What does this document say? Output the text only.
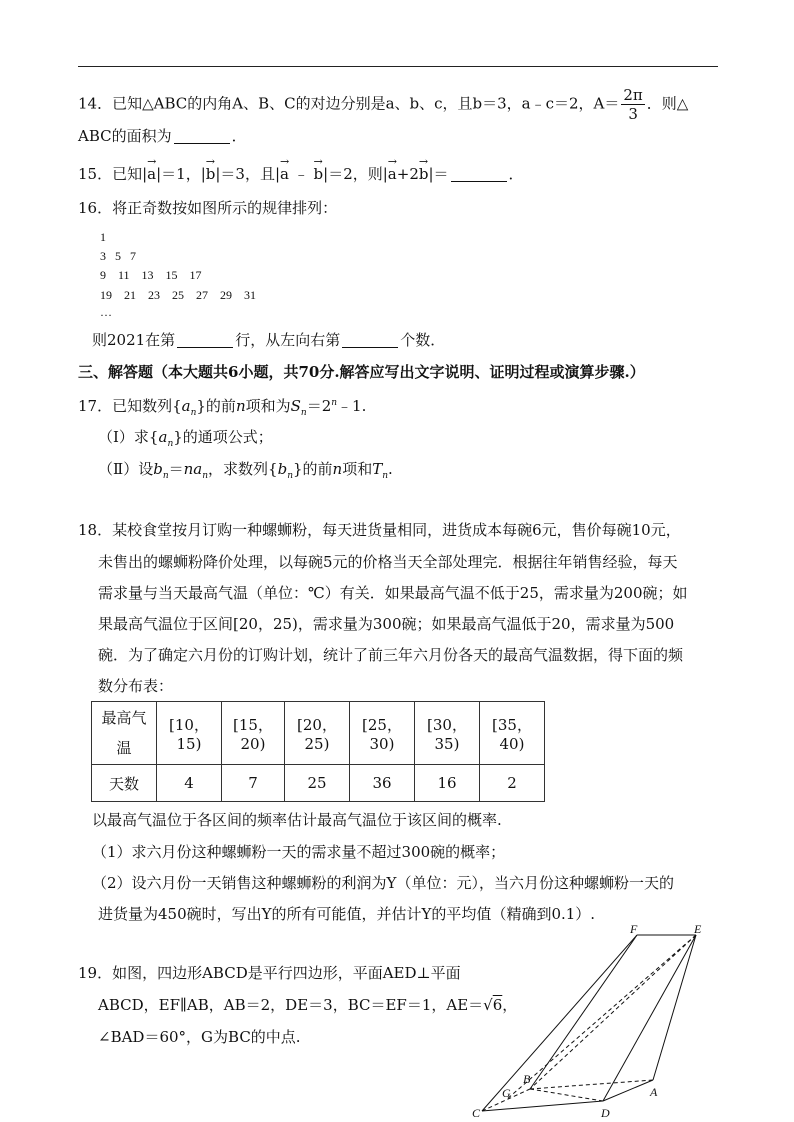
14．已知△ABC的内角A、B、C的对边分别是a、b、c，且b＝3，a﹣c＝2，$A= \frac{2\pi}{3}$ ．则△
ABC的面积为	．
15．已知|→ a|＝1，|→ b|＝3，且|→ a ﹣ → b|＝2，则|→ a+2→ b|＝	．
16．将正奇数按如图所示的规律排列：
1
3   5   7
9    11    13    15    17
19    21    23    25    27    29    31
…
则2021在第	行，从左向右第	个数．
三、解答题（本大题共6小题，共70分.解答应写出文字说明、证明过程或演算步骤.）
17．已知数列$\{a_n\}$的前n项和为$S_n=2^n﹣1$.
（Ⅰ）求$\{a_n\}$的通项公式；
（Ⅱ）设$b_n=na_n$，求数列$\{b_n\}$的前n项和$T_n$.
18．某校食堂按月订购一种螺蛳粉，每天进货量相同，进货成本每碗6元，售价每碗10元，
未售出的螺蛳粉降价处理，以每碗5元的价格当天全部处理完．根据往年销售经验，每天
需求量与当天最高气温（单位：℃）有关．如果最高气温不低于25，需求量为200碗；如
果最高气温位于区间[20，25)，需求量为300碗；如果最高气温低于20，需求量为500
碗．为了确定六月份的订购计划，统计了前三年六月份各天的最高气温数据，得下面的频
数分布表：
最高气
温	[10，15)	[15，20)	[20，25)	[25，30)	[30，35)	[35，40)
天数	4	7	25	36	16	2
以最高气温位于各区间的频率估计最高气温位于该区间的概率.
（1）求六月份这种螺蛳粉一天的需求量不超过300碗的概率；
（2）设六月份一天销售这种螺蛳粉的利润为Y（单位：元），当六月份这种螺蛳粉一天的
进货量为450碗时，写出Y的所有可能值，并估计Y的平均值（精确到0.1）.
19．如图，四边形ABCD是平行四边形，平面AED⊥平面
ABCD，EF∥AB，AB＝2，DE＝3，BC＝EF＝1，AE＝√6，
∠BAD＝60°，G为BC的中点.
F	E
B
G	A
C	D
